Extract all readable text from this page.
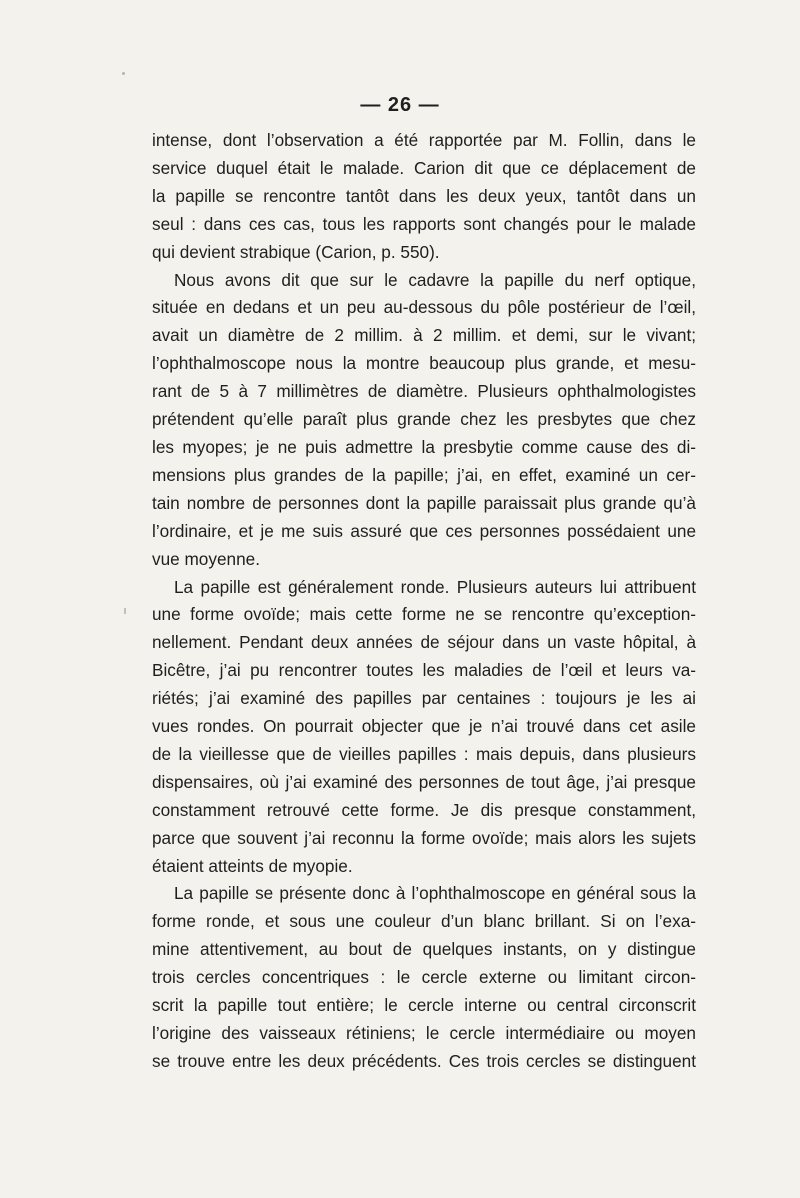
— 26 —
intense, dont l’observation a été rapportée par M. Follin, dans le
service duquel était le malade. Carion dit que ce déplacement de
la papille se rencontre tantôt dans les deux yeux, tantôt dans un
seul : dans ces cas, tous les rapports sont changés pour le malade
qui devient strabique (Carion, p. 550).
Nous avons dit que sur le cadavre la papille du nerf optique,
située en dedans et un peu au-dessous du pôle postérieur de l’œil,
avait un diamètre de 2 millim. à 2 millim. et demi, sur le vivant;
l’ophthalmoscope nous la montre beaucoup plus grande, et mesu-
rant de 5 à 7 millimètres de diamètre. Plusieurs ophthalmologistes
prétendent qu’elle paraît plus grande chez les presbytes que chez
les myopes; je ne puis admettre la presbytie comme cause des di-
mensions plus grandes de la papille; j’ai, en effet, examiné un cer-
tain nombre de personnes dont la papille paraissait plus grande qu’à
l’ordinaire, et je me suis assuré que ces personnes possédaient une
vue moyenne.
La papille est généralement ronde. Plusieurs auteurs lui attribuent
une forme ovoïde; mais cette forme ne se rencontre qu’exception-
nellement. Pendant deux années de séjour dans un vaste hôpital, à
Bicêtre, j’ai pu rencontrer toutes les maladies de l’œil et leurs va-
riétés; j’ai examiné des papilles par centaines : toujours je les ai
vues rondes. On pourrait objecter que je n’ai trouvé dans cet asile
de la vieillesse que de vieilles papilles : mais depuis, dans plusieurs
dispensaires, où j’ai examiné des personnes de tout âge, j’ai presque
constamment retrouvé cette forme. Je dis presque constamment,
parce que souvent j’ai reconnu la forme ovoïde; mais alors les sujets
étaient atteints de myopie.
La papille se présente donc à l’ophthalmoscope en général sous la
forme ronde, et sous une couleur d’un blanc brillant. Si on l’exa-
mine attentivement, au bout de quelques instants, on y distingue
trois cercles concentriques : le cercle externe ou limitant circon-
scrit la papille tout entière; le cercle interne ou central circonscrit
l’origine des vaisseaux rétiniens; le cercle intermédiaire ou moyen
se trouve entre les deux précédents. Ces trois cercles se distinguent
